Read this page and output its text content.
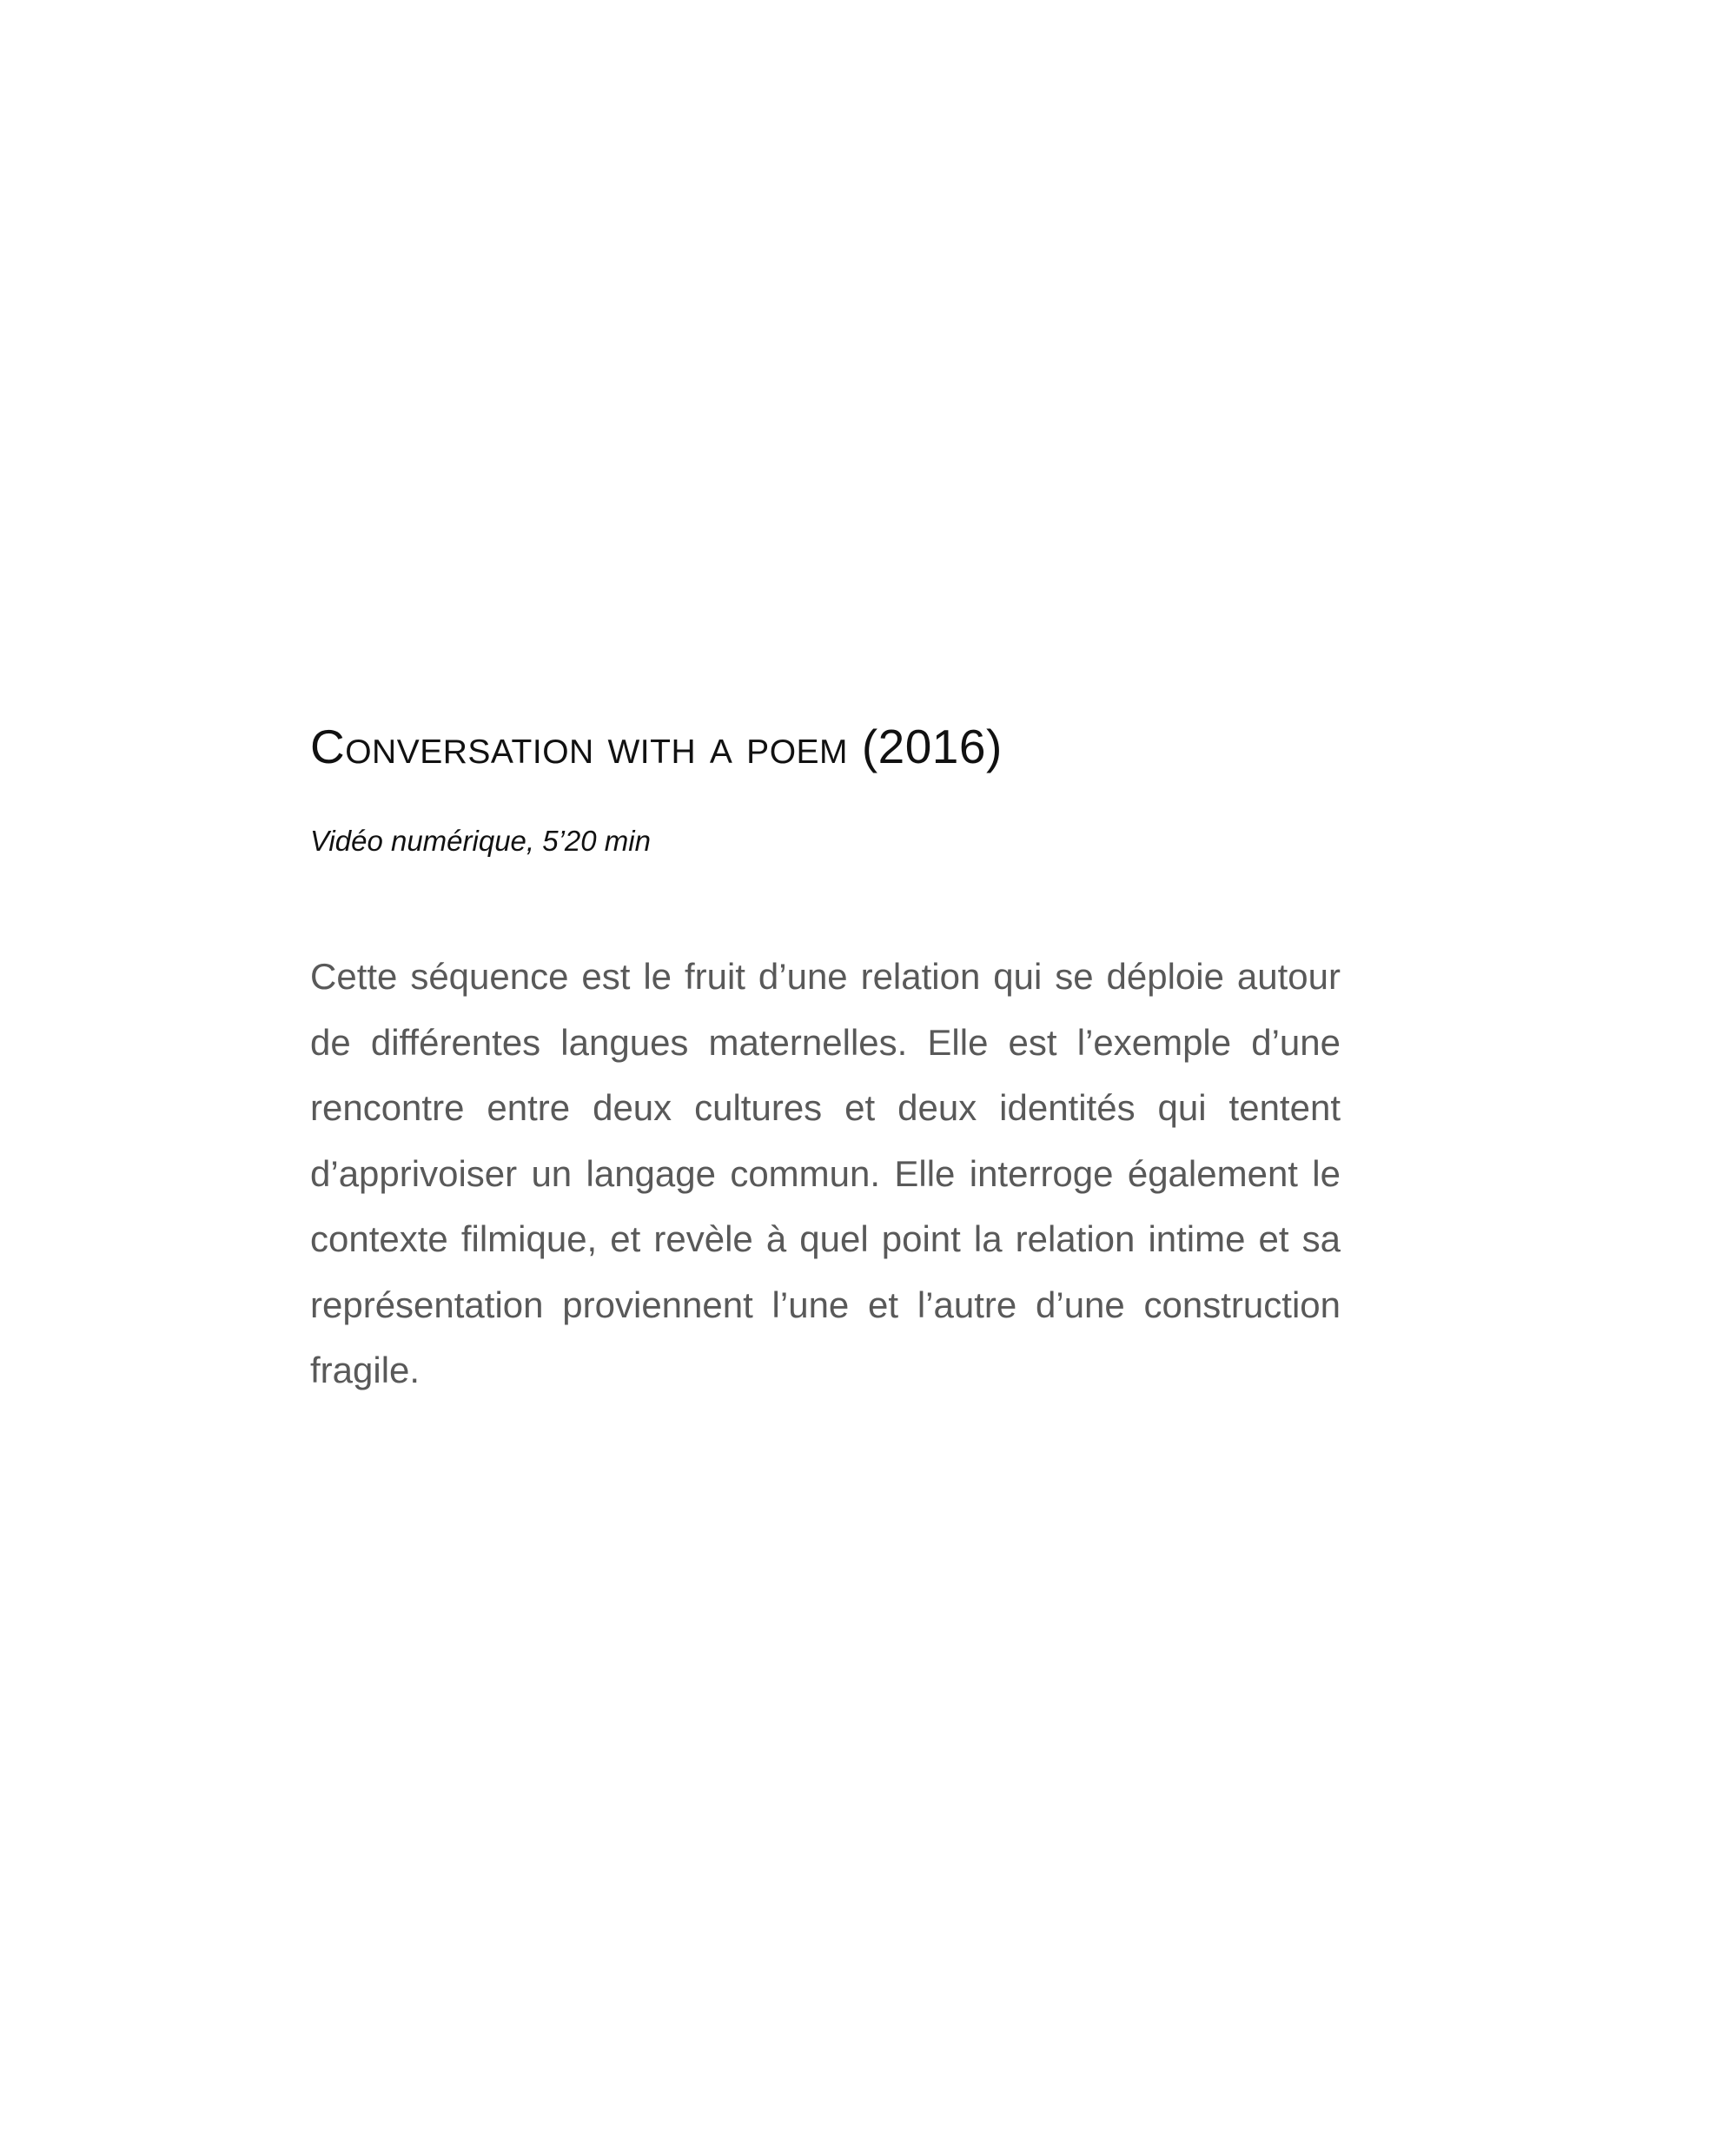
Conversation with a poem (2016)

Vidéo numérique, 5’20 min

Cette séquence est le fruit d’une relation qui se déploie autour de différentes langues maternelles. Elle est l’exemple d’une rencontre entre deux cultures et deux identités qui tentent d’apprivoiser un langage commun. Elle interroge également le contexte filmique, et revèle à quel point la relation intime et sa représentation proviennent l’une et l’autre d’une construction fragile.
